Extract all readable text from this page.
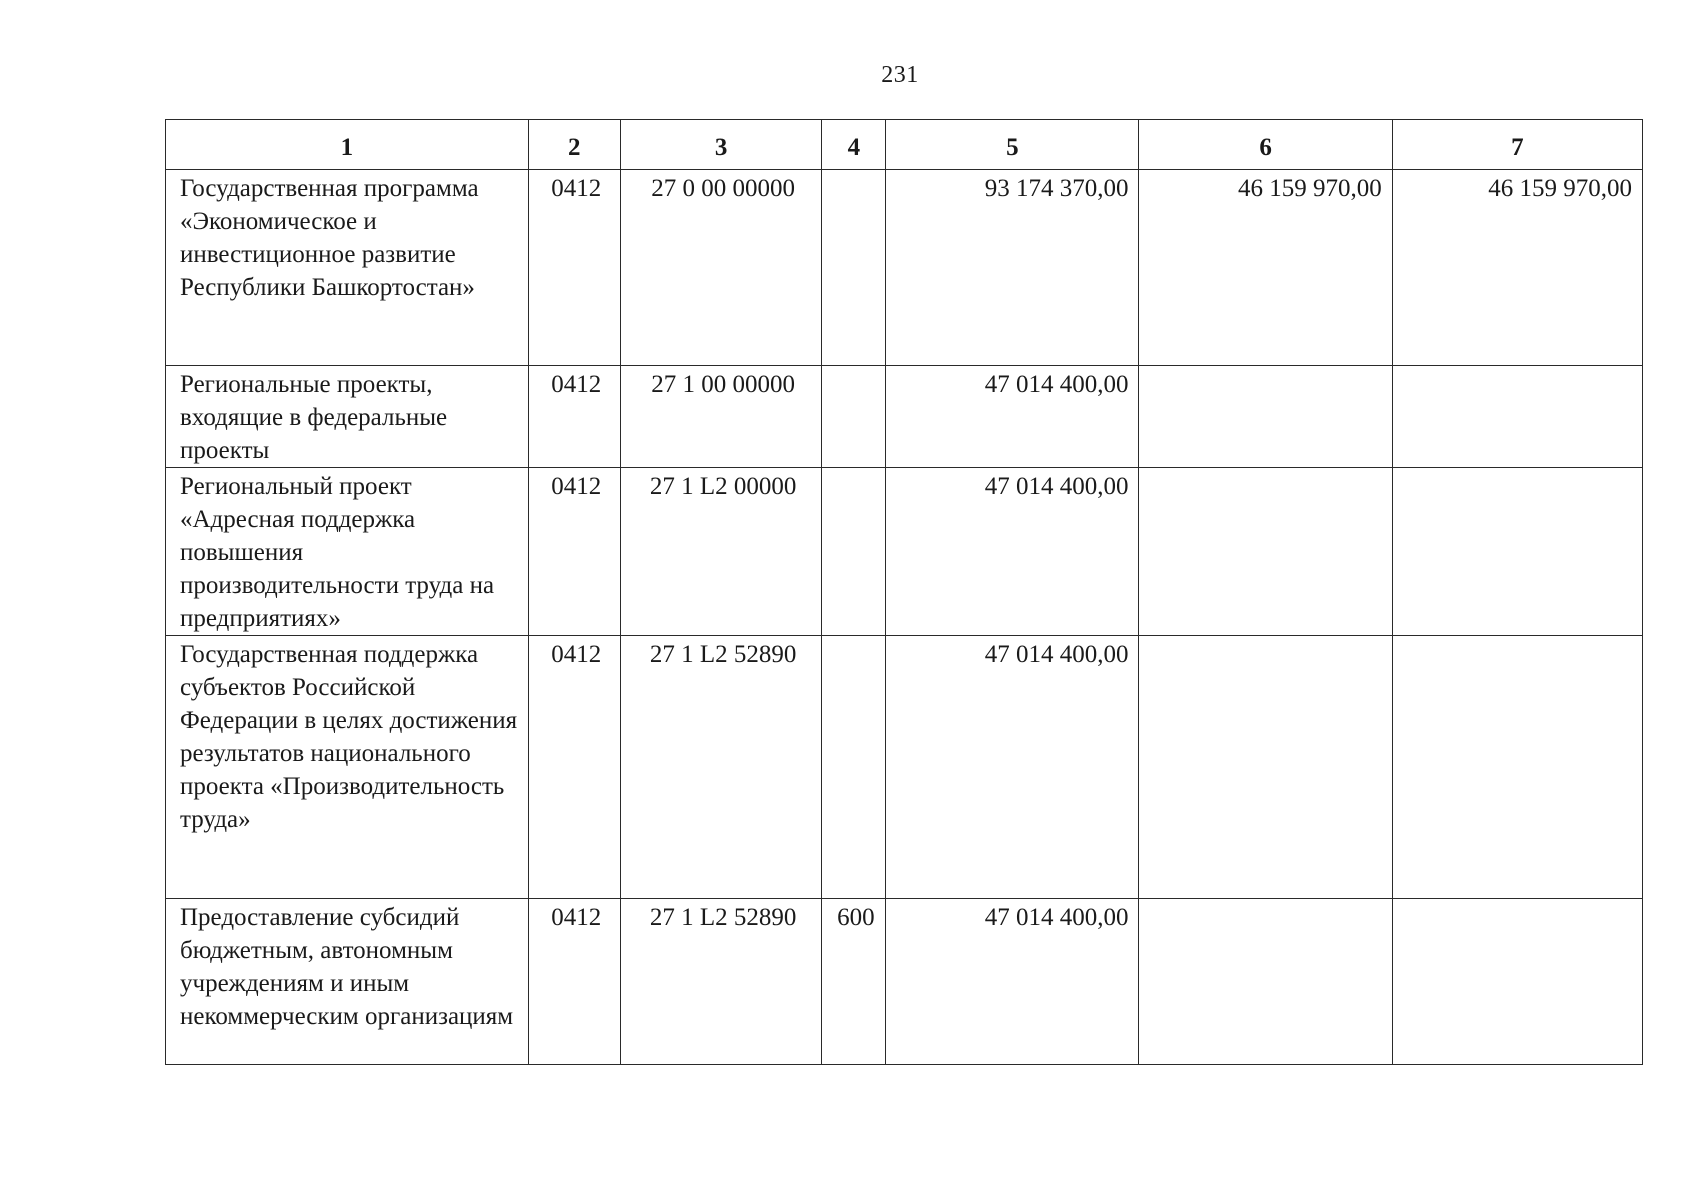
231
1	2	3	4	5	6	7
Государственная программа «Экономическое и инвестиционное развитие Республики Башкортостан»	0412	27 0 00 00000		93 174 370,00	46 159 970,00	46 159 970,00
Региональные проекты, входящие в федеральные проекты	0412	27 1 00 00000		47 014 400,00		
Региональный проект «Адресная поддержка повышения производительности труда на предприятиях»	0412	27 1 L2 00000		47 014 400,00		
Государственная поддержка субъектов Российской Федерации в целях достижения результатов национального проекта «Производительность труда»	0412	27 1 L2 52890		47 014 400,00		
Предоставление субсидий бюджетным, автономным учреждениям и иным некоммерческим организациям	0412	27 1 L2 52890	600	47 014 400,00		
